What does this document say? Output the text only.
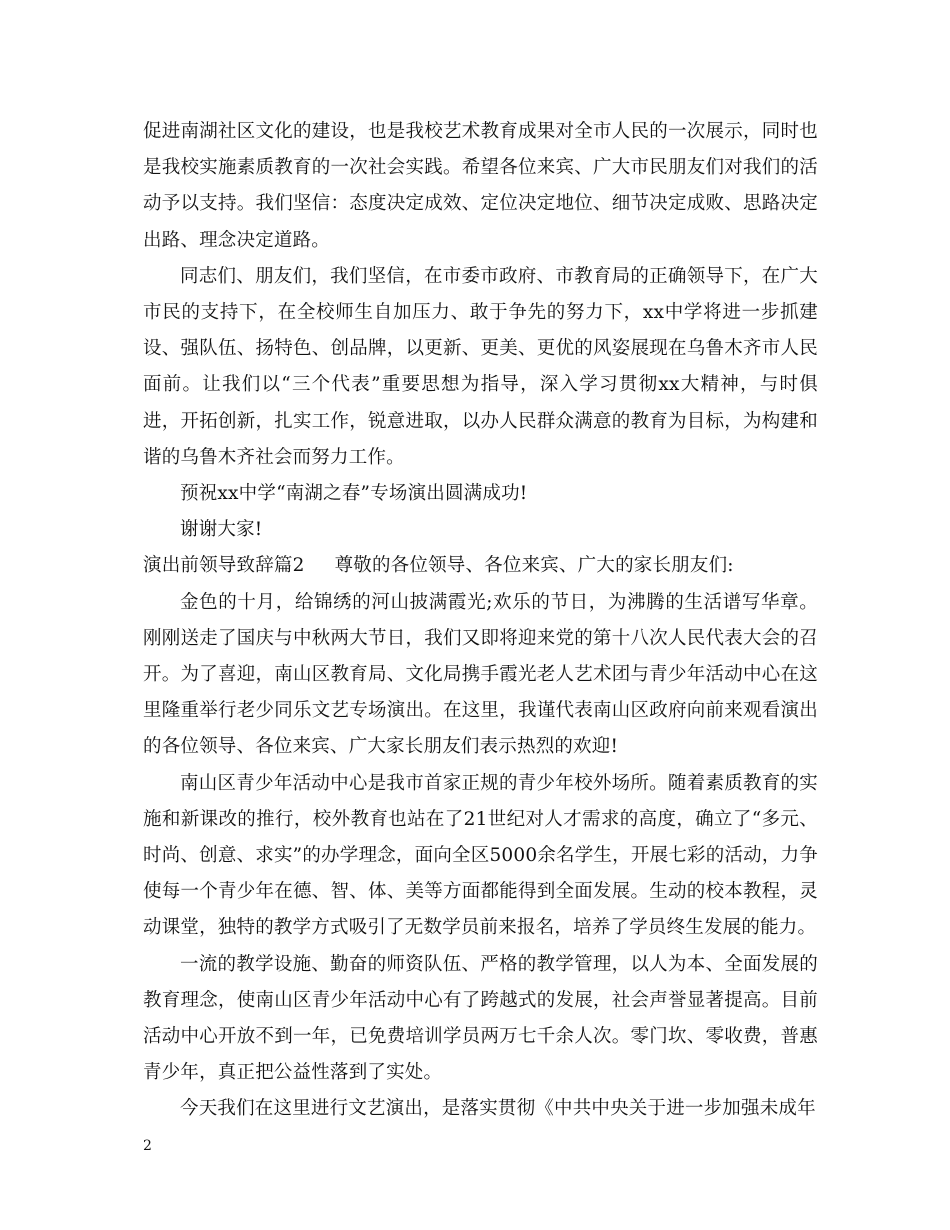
促进南湖社区文化的建设，也是我校艺术教育成果对全市人民的一次展示，同时也是我校实施素质教育的一次社会实践。希望各位来宾、广大市民朋友们对我们的活动予以支持。我们坚信：态度决定成效、定位决定地位、细节决定成败、思路决定出路、理念决定道路。

同志们、朋友们，我们坚信，在市委市政府、市教育局的正确领导下，在广大市民的支持下，在全校师生自加压力、敢于争先的努力下，xx中学将进一步抓建设、强队伍、扬特色、创品牌，以更新、更美、更优的风姿展现在乌鲁木齐市人民面前。让我们以“三个代表”重要思想为指导，深入学习贯彻xx大精神，与时俱进，开拓创新，扎实工作，锐意进取，以办人民群众满意的教育为目标，为构建和谐的乌鲁木齐社会而努力工作。

预祝xx中学“南湖之春”专场演出圆满成功!

谢谢大家!

演出前领导致辞篇2 尊敬的各位领导、各位来宾、广大的家长朋友们:

金色的十月，给锦绣的河山披满霞光;欢乐的节日，为沸腾的生活谱写华章。刚刚送走了国庆与中秋两大节日，我们又即将迎来党的第十八次人民代表大会的召开。为了喜迎，南山区教育局、文化局携手霞光老人艺术团与青少年活动中心在这里隆重举行老少同乐文艺专场演出。在这里，我谨代表南山区政府向前来观看演出的各位领导、各位来宾、广大家长朋友们表示热烈的欢迎!

南山区青少年活动中心是我市首家正规的青少年校外场所。随着素质教育的实施和新课改的推行，校外教育也站在了21世纪对人才需求的高度，确立了“多元、时尚、创意、求实”的办学理念，面向全区5000余名学生，开展七彩的活动，力争使每一个青少年在德、智、体、美等方面都能得到全面发展。生动的校本教程，灵动课堂，独特的教学方式吸引了无数学员前来报名，培养了学员终生发展的能力。

一流的教学设施、勤奋的师资队伍、严格的教学管理，以人为本、全面发展的教育理念，使南山区青少年活动中心有了跨越式的发展，社会声誉显著提高。目前活动中心开放不到一年，已免费培训学员两万七千余人次。零门坎、零收费，普惠青少年，真正把公益性落到了实处。

今天我们在这里进行文艺演出，是落实贯彻《中共中央关于进一步加强未成年

2
